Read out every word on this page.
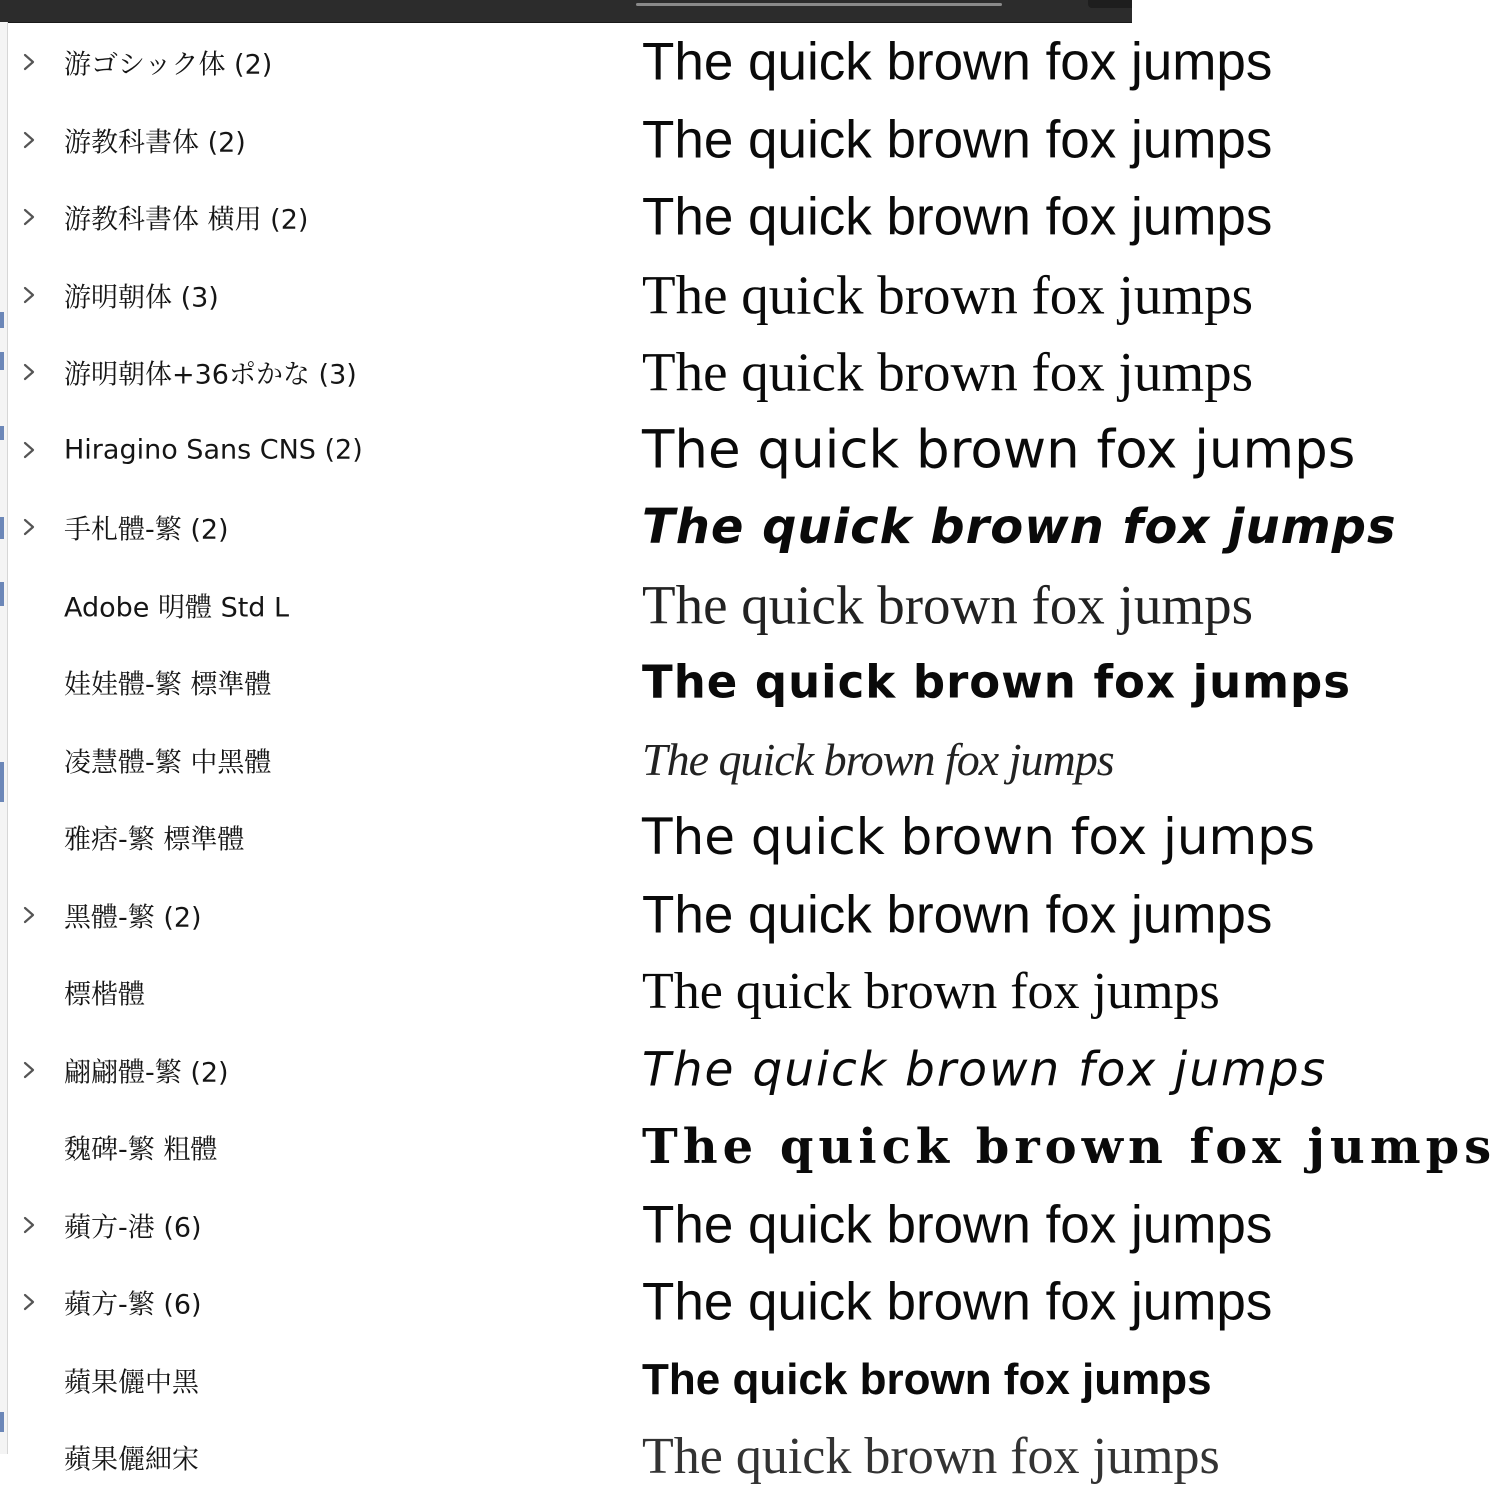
游ゴシック体 (2)	The quick brown fox jumps
游教科書体 (2)	The quick brown fox jumps
游教科書体 横用 (2)	The quick brown fox jumps
游明朝体 (3)	The quick brown fox jumps
游明朝体+36ポかな (3)	The quick brown fox jumps
Hiragino Sans CNS (2)	The quick brown fox jumps
手札體-繁 (2)	The quick brown fox jumps
Adobe 明體 Std L	The quick brown fox jumps
娃娃體-繁 標準體	The quick brown fox jumps
凌慧體-繁 中黑體	The quick brown fox jumps
雅痞-繁 標準體	The quick brown fox jumps
黑體-繁 (2)	The quick brown fox jumps
標楷體	The quick brown fox jumps
翩翩體-繁 (2)	The quick brown fox jumps
魏碑-繁 粗體	The quick brown fox jumps
蘋方-港 (6)	The quick brown fox jumps
蘋方-繁 (6)	The quick brown fox jumps
蘋果儷中黑	The quick brown fox jumps
蘋果儷細宋	The quick brown fox jumps
